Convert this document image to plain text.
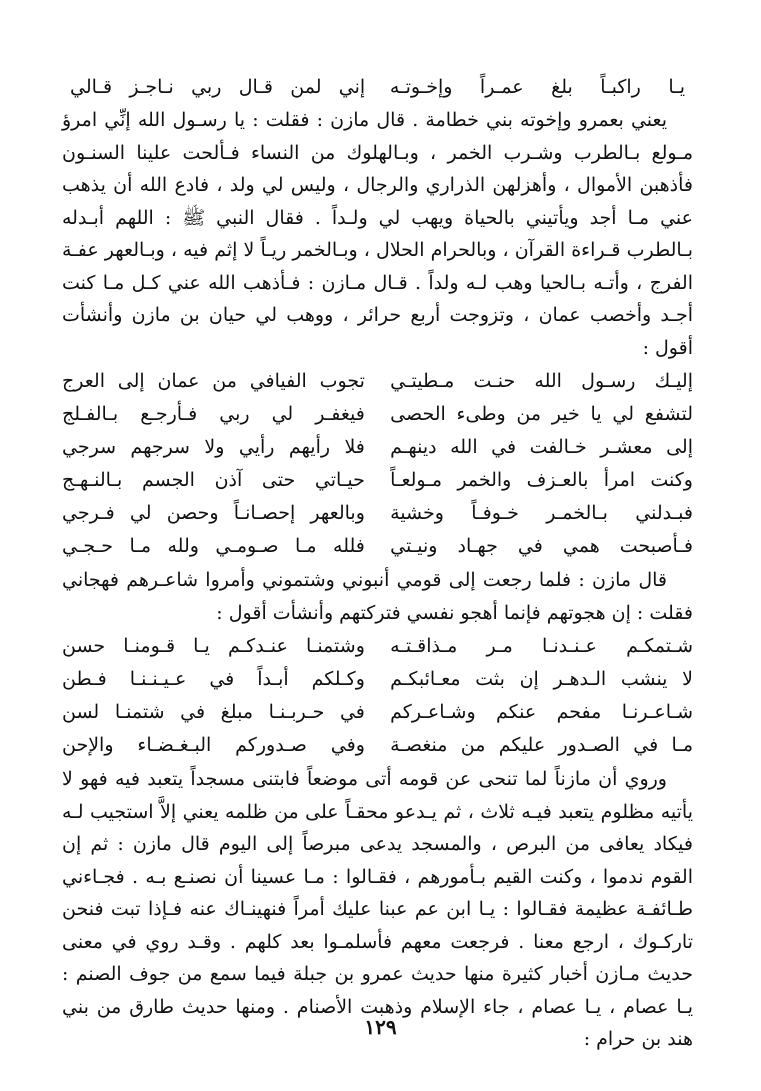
يـا راكبـاً بلغ عمـراً وإخـوتـه
إني لمن قـال ربي نـاجـز قـالي

يعني بعمرو وإخوته بني خطامة . قال مازن : فقلت : يا رسـول الله إنِّي امرؤ مـولع بـالطرب وشـرب الخمر ، وبـالهلوك من النساء فـألحت علينا السنـون فأذهبن الأموال ، وأهزلهن الذراري والرجال ، وليس لي ولد ، فادع الله أن يذهب عني مـا أجد ويأتيني بالحياة ويهب لي ولـداً . فقال النبي ﷺ : اللهم أبـدله بـالطرب قـراءة القرآن ، وبالحرام الحلال ، وبـالخمر ريـاً لا إثم فيه ، وبـالعهر عفـة الفرج ، وأتـه بـالحيا وهب لـه ولداً . قـال مـازن : فـأذهب الله عني كـل مـا كنت أجـد وأخصب عمان ، وتزوجت أربع حرائر ، ووهب لي حيان بن مازن وأنشأت أقول :

إليـك رسـول الله حنـت مـطيتـي
تجوب الفيافي من عمان إلى العرج
لتشفع لي يا خير من وطىء الحصى
فيغفـر لي ربي فـأرجـع بـالفـلج
إلى معشـر خـالفت في الله دينهـم
فلا رأيهم رأيي ولا سرجهم سرجي
وكنت امرأ بالعـزف والخمر مـولعـاً
حيـاتي حتى آذن الجسم بـالنـهـج
فبـدلني بـالخمـر خـوفـاً وخشية
وبالعهر إحصـانـاً وحصن لي فـرجي
فـأصبحت همي في جهـاد ونيـتي
فلله مـا صـومـي ولله مـا حـجـي

قال مازن : فلما رجعت إلى قومي أنبوني وشتموني وأمروا شاعـرهم فهجاني فقلت : إن هجوتهم فإنما أهجو نفسي فتركتهم وأنشأت أقول :

شـتمكـم عـنـدنـا مـر مـذاقـتـه
وشتمنـا عنـدكـم يـا قـومنـا حسن
لا ينشب الـدهـر إن بثت معـائبكـم
وكـلكم أبـداً في عـيـنـنـا فـطن
شـاعـرنـا مفحم عنكم وشـاعـركم
في حـربـنـا مبلغ في شتمنـا لسن
مـا في الصـدور عليكم من منغصـة
وفي صـدوركم البـغـضـاء والإحن

وروي أن مازناً لما تنحى عن قومه أتى موضعاً فابتنى مسجداً يتعبد فيه فهو لا يأتيه مظلوم يتعبد فيـه ثلاث ، ثم يـدعو محقـاً على من ظلمه يعني إلاَّ استجيب لـه فيكاد يعافى من البرص ، والمسجد يدعى مبرصاً إلى اليوم قال مازن : ثم إن القوم ندموا ، وكنت القيم بـأمورهم ، فقـالوا : مـا عسينا أن نصنـع بـه . فجـاءني طـائفـة عظيمة فقـالوا : يـا ابن عم عبنا عليك أمراً فنهينـاك عنه فـإذا تبت فنحن تاركـوك ، ارجع معنا . فرجعت معهم فأسلمـوا بعد كلهم . وقـد روي في معنى حديث مـازن أخبار كثيرة منها حديث عمرو بن جبلة فيما سمع من جوف الصنم : يـا عصام ، يـا عصام ، جاء الإسلام وذهبت الأصنام . ومنها حديث طارق من بني هند بن حرام :

١٢٩
